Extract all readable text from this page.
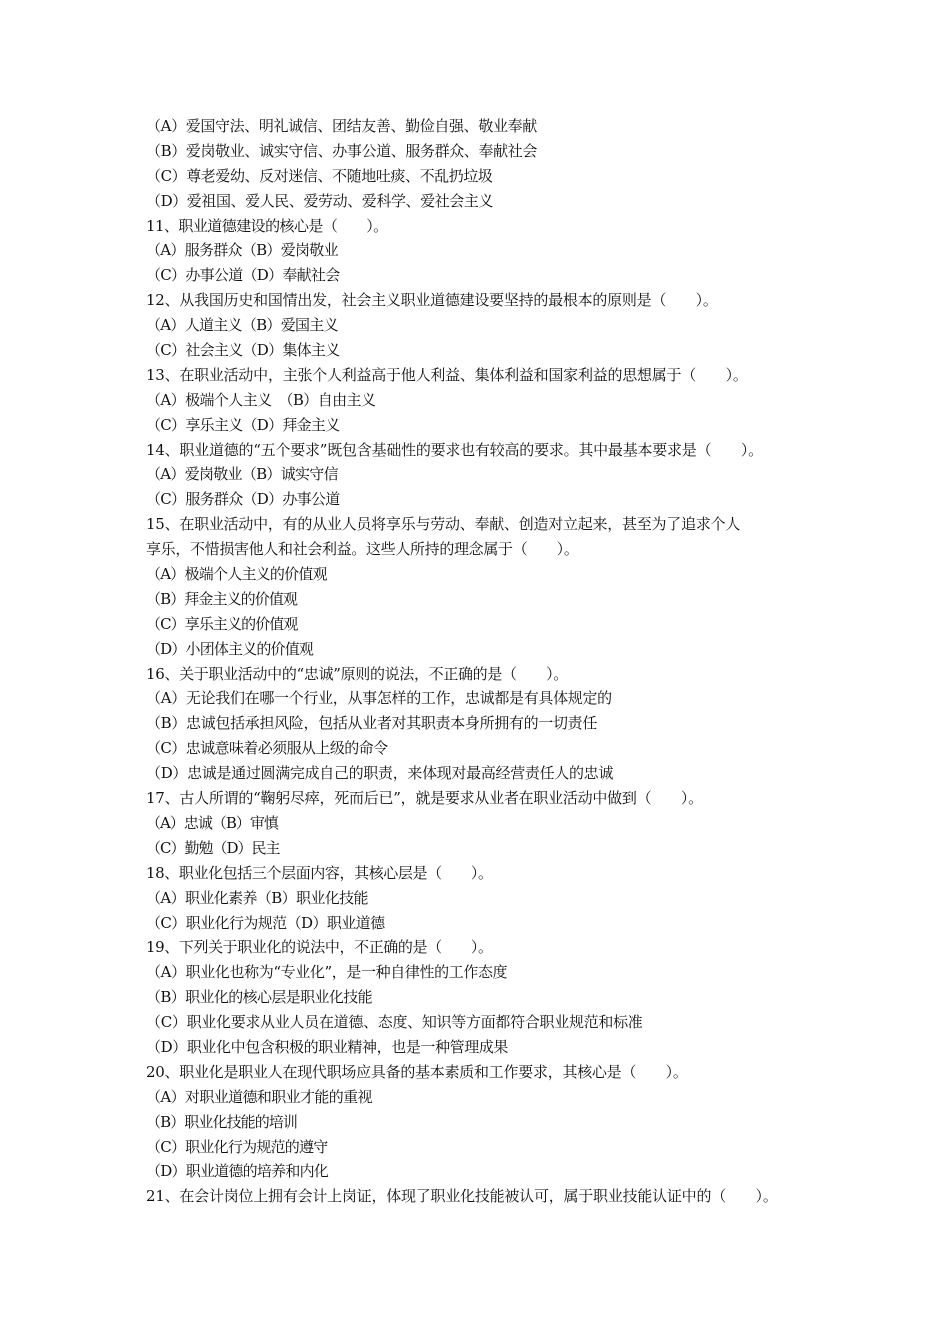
（A）爱国守法、明礼诚信、团结友善、勤俭自强、敬业奉献
（B）爱岗敬业、诚实守信、办事公道、服务群众、奉献社会
（C）尊老爱幼、反对迷信、不随地吐痰、不乱扔垃圾
（D）爱祖国、爱人民、爱劳动、爱科学、爱社会主义
11、职业道德建设的核心是（　　）。
（A）服务群众（B）爱岗敬业
（C）办事公道（D）奉献社会
12、从我国历史和国情出发，社会主义职业道德建设要坚持的最根本的原则是（　　）。
（A）人道主义（B）爱国主义
（C）社会主义（D）集体主义
13、在职业活动中，主张个人利益高于他人利益、集体利益和国家利益的思想属于（　　）。
（A）极端个人主义　（B）自由主义
（C）享乐主义（D）拜金主义
14、职业道德的“五个要求”既包含基础性的要求也有较高的要求。其中最基本要求是（　　）。
（A）爱岗敬业（B）诚实守信
（C）服务群众（D）办事公道
15、在职业活动中，有的从业人员将享乐与劳动、奉献、创造对立起来，甚至为了追求个人
享乐，不惜损害他人和社会利益。这些人所持的理念属于（　　）。
（A）极端个人主义的价值观
（B）拜金主义的价值观
（C）享乐主义的价值观
（D）小团体主义的价值观
16、关于职业活动中的“忠诚”原则的说法，不正确的是（　　）。
（A）无论我们在哪一个行业，从事怎样的工作，忠诚都是有具体规定的
（B）忠诚包括承担风险，包括从业者对其职责本身所拥有的一切责任
（C）忠诚意味着必须服从上级的命令
（D）忠诚是通过圆满完成自己的职责，来体现对最高经营责任人的忠诚
17、古人所谓的“鞠躬尽瘁，死而后已”，就是要求从业者在职业活动中做到（　　）。
（A）忠诚（B）审慎
（C）勤勉（D）民主
18、职业化包括三个层面内容，其核心层是（　　）。
（A）职业化素养（B）职业化技能
（C）职业化行为规范（D）职业道德
19、下列关于职业化的说法中，不正确的是（　　）。
（A）职业化也称为“专业化”，是一种自律性的工作态度
（B）职业化的核心层是职业化技能
（C）职业化要求从业人员在道德、态度、知识等方面都符合职业规范和标准
（D）职业化中包含积极的职业精神，也是一种管理成果
20、职业化是职业人在现代职场应具备的基本素质和工作要求，其核心是（　　）。
（A）对职业道德和职业才能的重视
（B）职业化技能的培训
（C）职业化行为规范的遵守
（D）职业道德的培养和内化
21、在会计岗位上拥有会计上岗证，体现了职业化技能被认可，属于职业技能认证中的（　　）。
